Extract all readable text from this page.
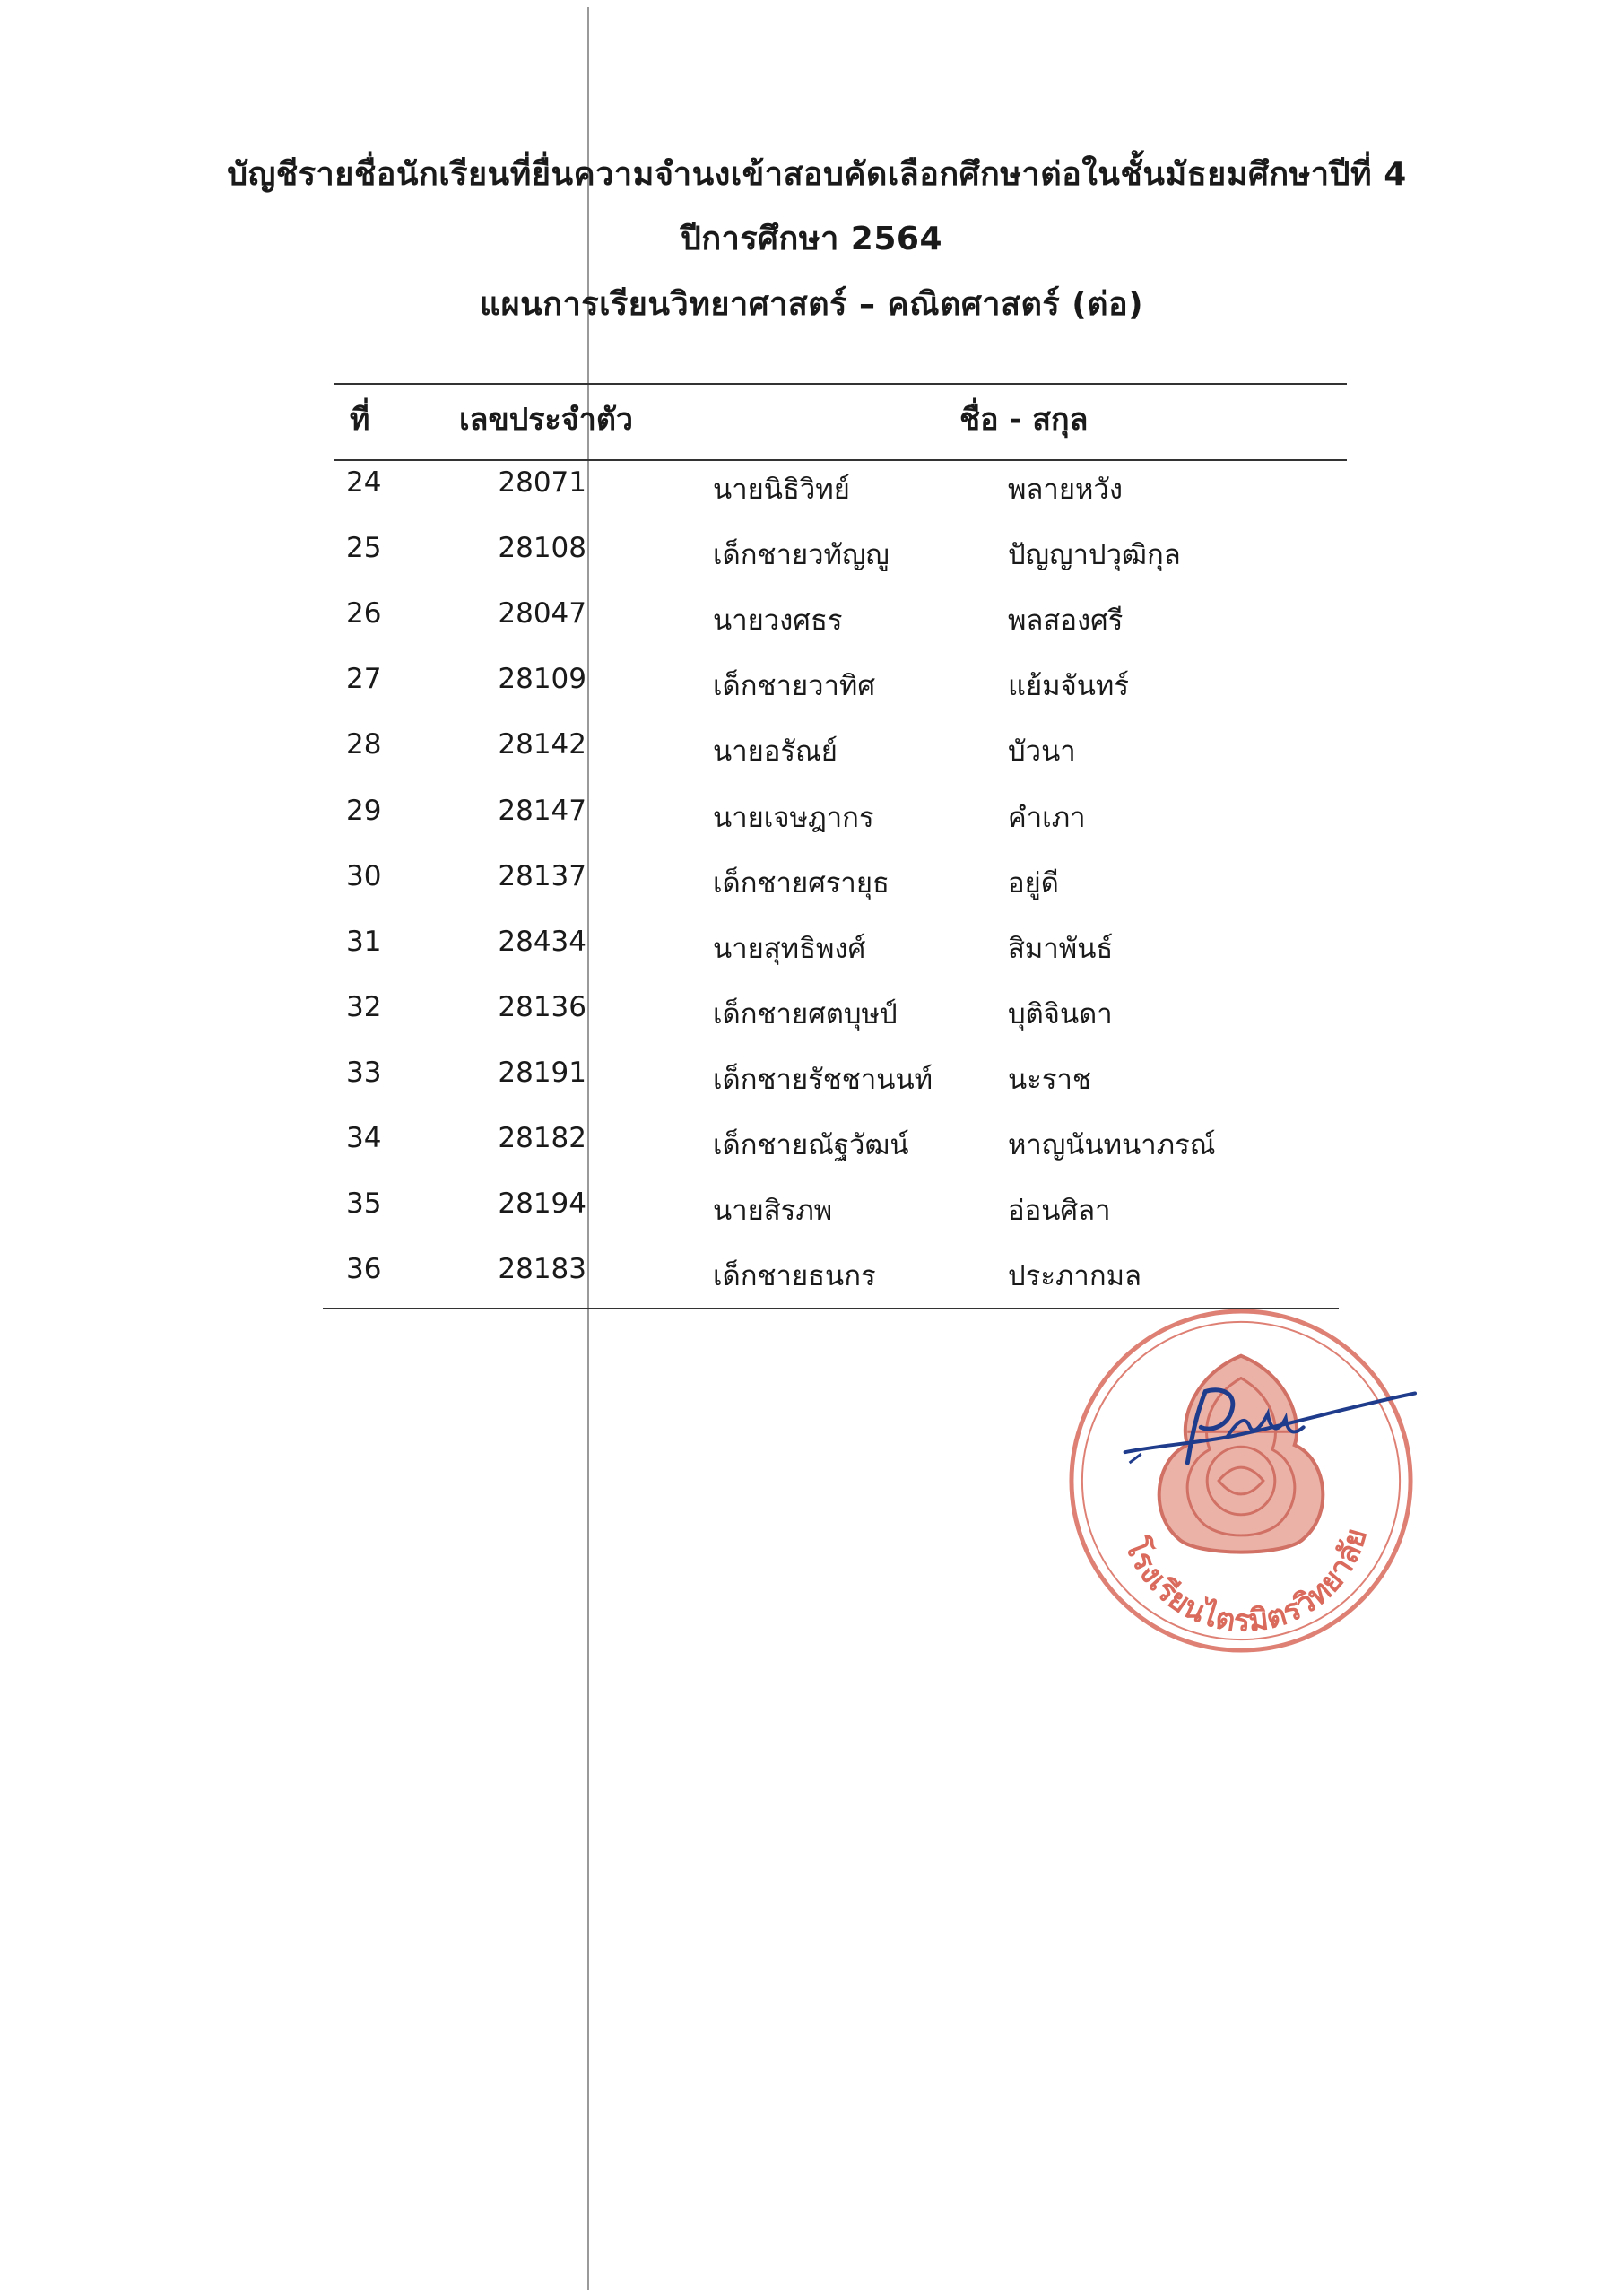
บัญชีรายชื่อนักเรียนที่ยื่นความจำนงเข้าสอบคัดเลือกศึกษาต่อในชั้นมัธยมศึกษาปีที่ 4
ปีการศึกษา 2564
แผนการเรียนวิทยาศาสตร์ – คณิตศาสตร์ (ต่อ)
ที่	เลขประจำตัว	ชื่อ - สกุล
24	28071	นายนิธิวิทย์	พลายหวัง
25	28108	เด็กชายวทัญญู	ปัญญาปวุฒิกุล
26	28047	นายวงศธร	พลสองศรี
27	28109	เด็กชายวาทิศ	แย้มจันทร์
28	28142	นายอรัณย์	บัวนา
29	28147	นายเจษฎากร	คำเภา
30	28137	เด็กชายศรายุธ	อยู่ดี
31	28434	นายสุทธิพงศ์	สิมาพันธ์
32	28136	เด็กชายศตบุษป์	บุติจินดา
33	28191	เด็กชายรัชชานนท์	นะราช
34	28182	เด็กชายณัฐวัฒน์	หาญนันทนาภรณ์
35	28194	นายสิรภพ	อ่อนศิลา
36	28183	เด็กชายธนกร	ประภากมล
โรงเรียนไตรมิตรวิทยาลัย
